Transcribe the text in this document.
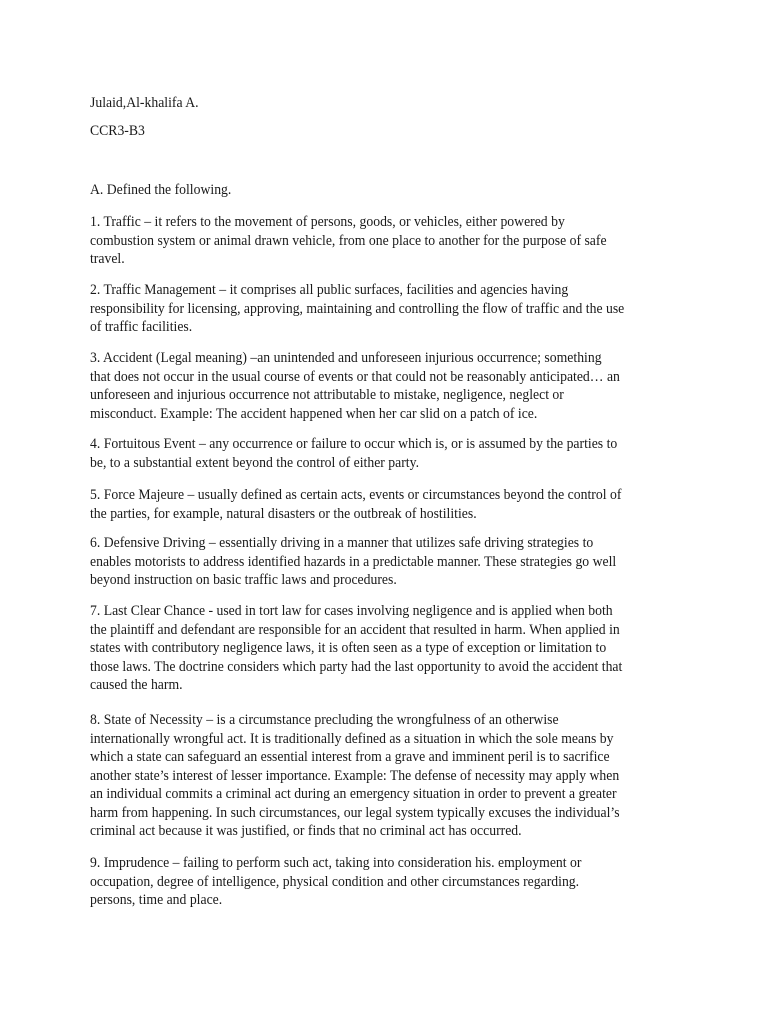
Julaid,Al-khalifa A.
CCR3-B3
A. Defined the following.
1. Traffic – it refers to the movement of persons, goods, or vehicles, either powered by
combustion system or animal drawn vehicle, from one place to another for the purpose of safe
travel.
2. Traffic Management – it comprises all public surfaces, facilities and agencies having
responsibility for licensing, approving, maintaining and controlling the flow of traffic and the use
of traffic facilities.
3. Accident (Legal meaning) –an unintended and unforeseen injurious occurrence; something
that does not occur in the usual course of events or that could not be reasonably anticipated… an
unforeseen and injurious occurrence not attributable to mistake, negligence, neglect or
misconduct. Example: The accident happened when her car slid on a patch of ice.
4. Fortuitous Event – any occurrence or failure to occur which is, or is assumed by the parties to
be, to a substantial extent beyond the control of either party.
5. Force Majeure – usually defined as certain acts, events or circumstances beyond the control of
the parties, for example, natural disasters or the outbreak of hostilities.
6. Defensive Driving – essentially driving in a manner that utilizes safe driving strategies to
enables motorists to address identified hazards in a predictable manner. These strategies go well
beyond instruction on basic traffic laws and procedures.
7. Last Clear Chance - used in tort law for cases involving negligence and is applied when both
the plaintiff and defendant are responsible for an accident that resulted in harm. When applied in
states with contributory negligence laws, it is often seen as a type of exception or limitation to
those laws. The doctrine considers which party had the last opportunity to avoid the accident that
caused the harm.
8. State of Necessity – is a circumstance precluding the wrongfulness of an otherwise
internationally wrongful act. It is traditionally defined as a situation in which the sole means by
which a state can safeguard an essential interest from a grave and imminent peril is to sacrifice
another state’s interest of lesser importance. Example: The defense of necessity may apply when
an individual commits a criminal act during an emergency situation in order to prevent a greater
harm from happening. In such circumstances, our legal system typically excuses the individual’s
criminal act because it was justified, or finds that no criminal act has occurred.
9. Imprudence – failing to perform such act, taking into consideration his. employment or
occupation, degree of intelligence, physical condition and other circumstances regarding.
persons, time and place.
